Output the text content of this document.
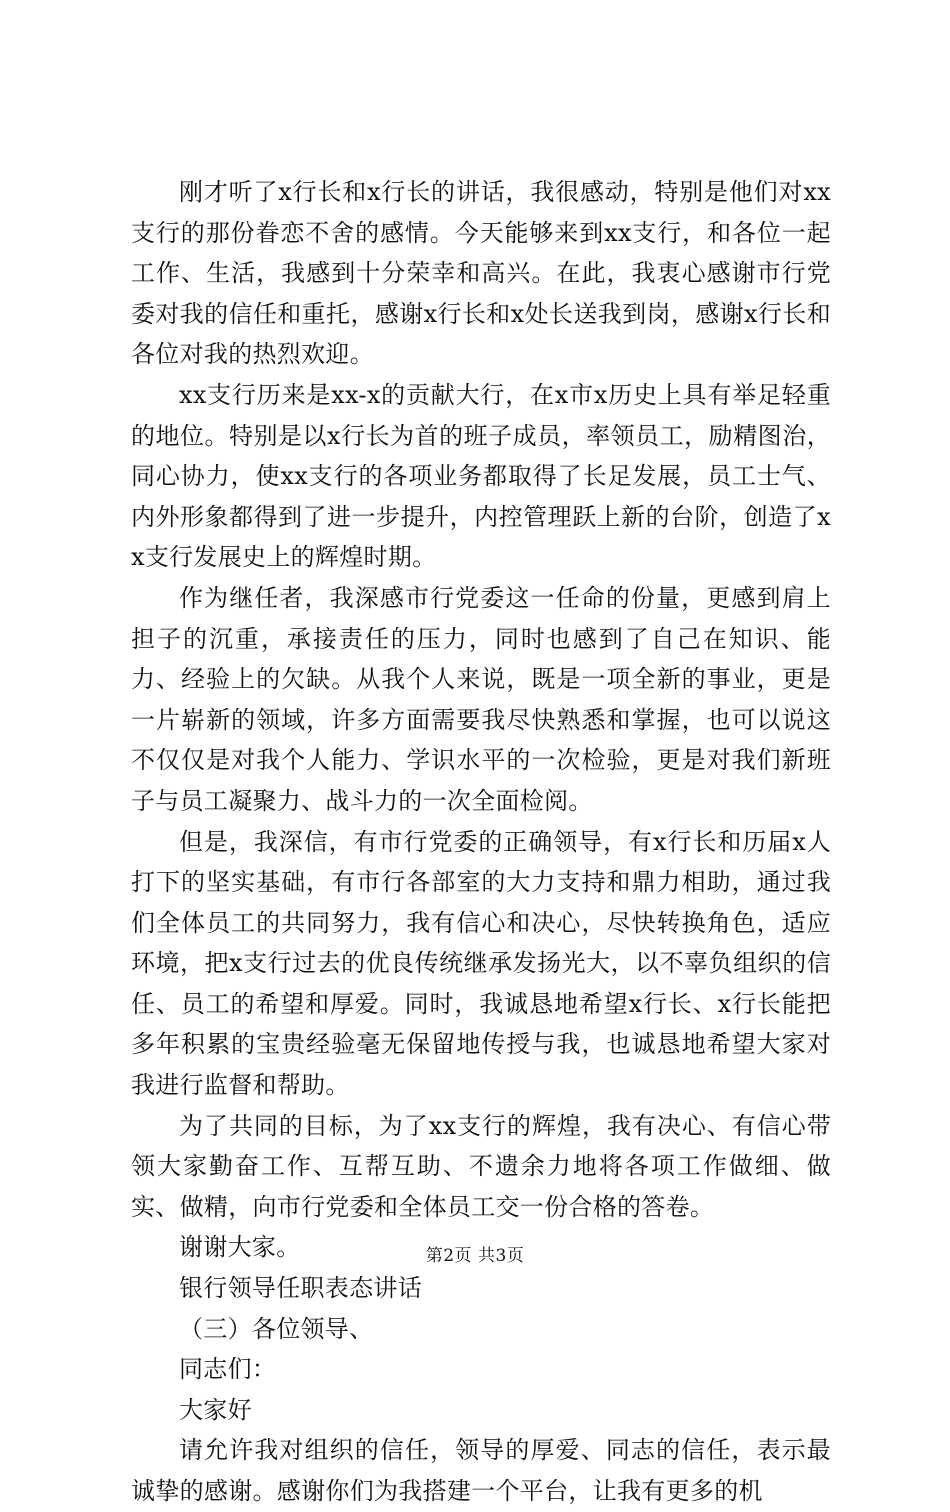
刚才听了x行长和x行长的讲话，我很感动，特别是他们对xx支行的那份眷恋不舍的感情。今天能够来到xx支行，和各位一起工作、生活，我感到十分荣幸和高兴。在此，我衷心感谢市行党委对我的信任和重托，感谢x行长和x处长送我到岗，感谢x行长和各位对我的热烈欢迎。

xx支行历来是xx-x的贡献大行，在x市x历史上具有举足轻重的地位。特别是以x行长为首的班子成员，率领员工，励精图治，同心协力，使xx支行的各项业务都取得了长足发展，员工士气、内外形象都得到了进一步提升，内控管理跃上新的台阶，创造了xx支行发展史上的辉煌时期。

作为继任者，我深感市行党委这一任命的份量，更感到肩上担子的沉重，承接责任的压力，同时也感到了自己在知识、能力、经验上的欠缺。从我个人来说，既是一项全新的事业，更是一片崭新的领域，许多方面需要我尽快熟悉和掌握，也可以说这不仅仅是对我个人能力、学识水平的一次检验，更是对我们新班子与员工凝聚力、战斗力的一次全面检阅。

但是，我深信，有市行党委的正确领导，有x行长和历届x人打下的坚实基础，有市行各部室的大力支持和鼎力相助，通过我们全体员工的共同努力，我有信心和决心，尽快转换角色，适应环境，把x支行过去的优良传统继承发扬光大，以不辜负组织的信任、员工的希望和厚爱。同时，我诚恳地希望x行长、x行长能把多年积累的宝贵经验毫无保留地传授与我，也诚恳地希望大家对我进行监督和帮助。

为了共同的目标，为了xx支行的辉煌，我有决心、有信心带领大家勤奋工作、互帮互助、不遗余力地将各项工作做细、做实、做精，向市行党委和全体员工交一份合格的答卷。

谢谢大家。

银行领导任职表态讲话

（三）各位领导、

同志们：

大家好

请允许我对组织的信任，领导的厚爱、同志的信任，表示最诚挚的感谢。感谢你们为我搭建一个平台，让我有更多的机

第2页 共3页
